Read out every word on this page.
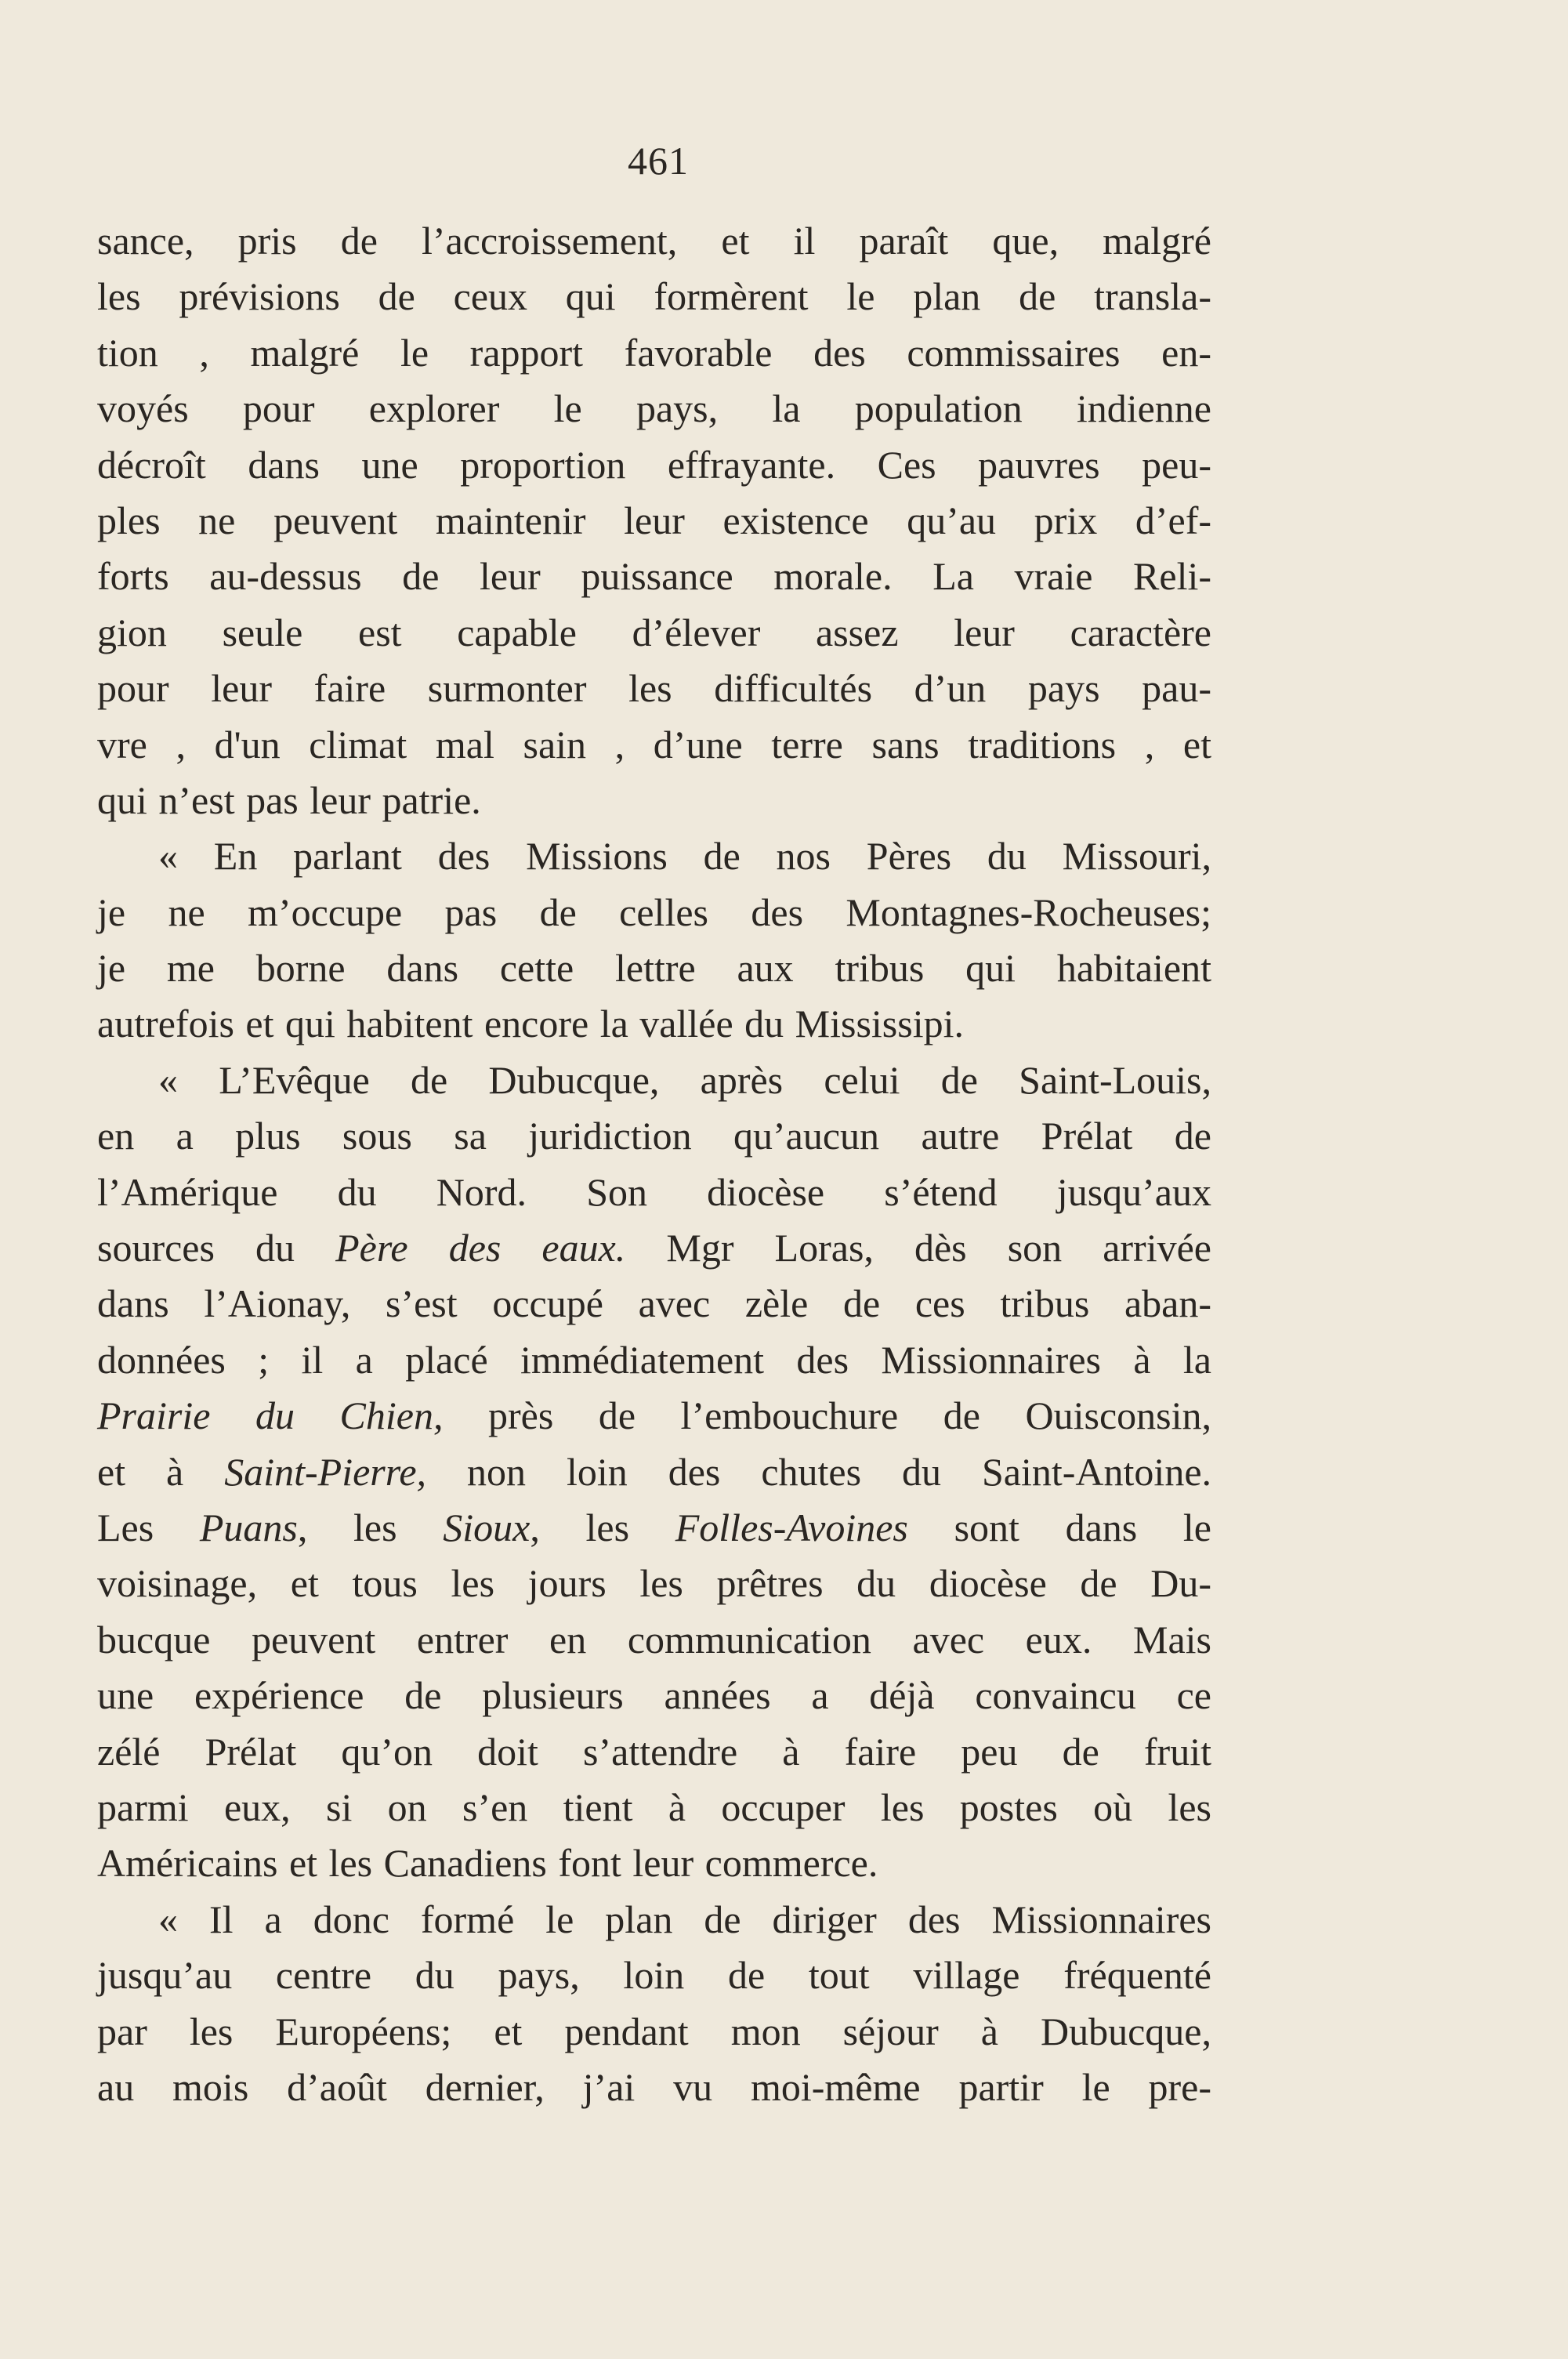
461
sance, pris de l’accroissement, et il paraît que, malgré
les prévisions de ceux qui formèrent le plan de transla-
tion , malgré le rapport favorable des commissaires en-
voyés pour explorer le pays, la population indienne
décroît dans une proportion effrayante. Ces pauvres peu-
ples ne peuvent maintenir leur existence qu’au prix d’ef-
forts au-dessus de leur puissance morale. La vraie Reli-
gion seule est capable d’élever assez leur caractère
pour leur faire surmonter les difficultés d’un pays pau-
vre , d'un climat mal sain , d’une terre sans traditions , et
qui n’est pas leur patrie.
« En parlant des Missions de nos Pères du Missouri,
je ne m’occupe pas de celles des Montagnes-Rocheuses;
je me borne dans cette lettre aux tribus qui habitaient
autrefois et qui habitent encore la vallée du Mississipi.
« L’Evêque de Dubucque, après celui de Saint-Louis,
en a plus sous sa juridiction qu’aucun autre Prélat de
l’Amérique du Nord. Son diocèse s’étend jusqu’aux
sources du Père des eaux. Mgr Loras, dès son arrivée
dans l’Aionay, s’est occupé avec zèle de ces tribus aban-
données ; il a placé immédiatement des Missionnaires à la
Prairie du Chien, près de l’embouchure de Ouisconsin,
et à Saint-Pierre, non loin des chutes du Saint-Antoine.
Les Puans, les Sioux, les Folles-Avoines sont dans le
voisinage, et tous les jours les prêtres du diocèse de Du-
bucque peuvent entrer en communication avec eux. Mais
une expérience de plusieurs années a déjà convaincu ce
zélé Prélat qu’on doit s’attendre à faire peu de fruit
parmi eux, si on s’en tient à occuper les postes où les
Américains et les Canadiens font leur commerce.
« Il a donc formé le plan de diriger des Missionnaires
jusqu’au centre du pays, loin de tout village fréquenté
par les Européens; et pendant mon séjour à Dubucque,
au mois d’août dernier, j’ai vu moi-même partir le pre-
